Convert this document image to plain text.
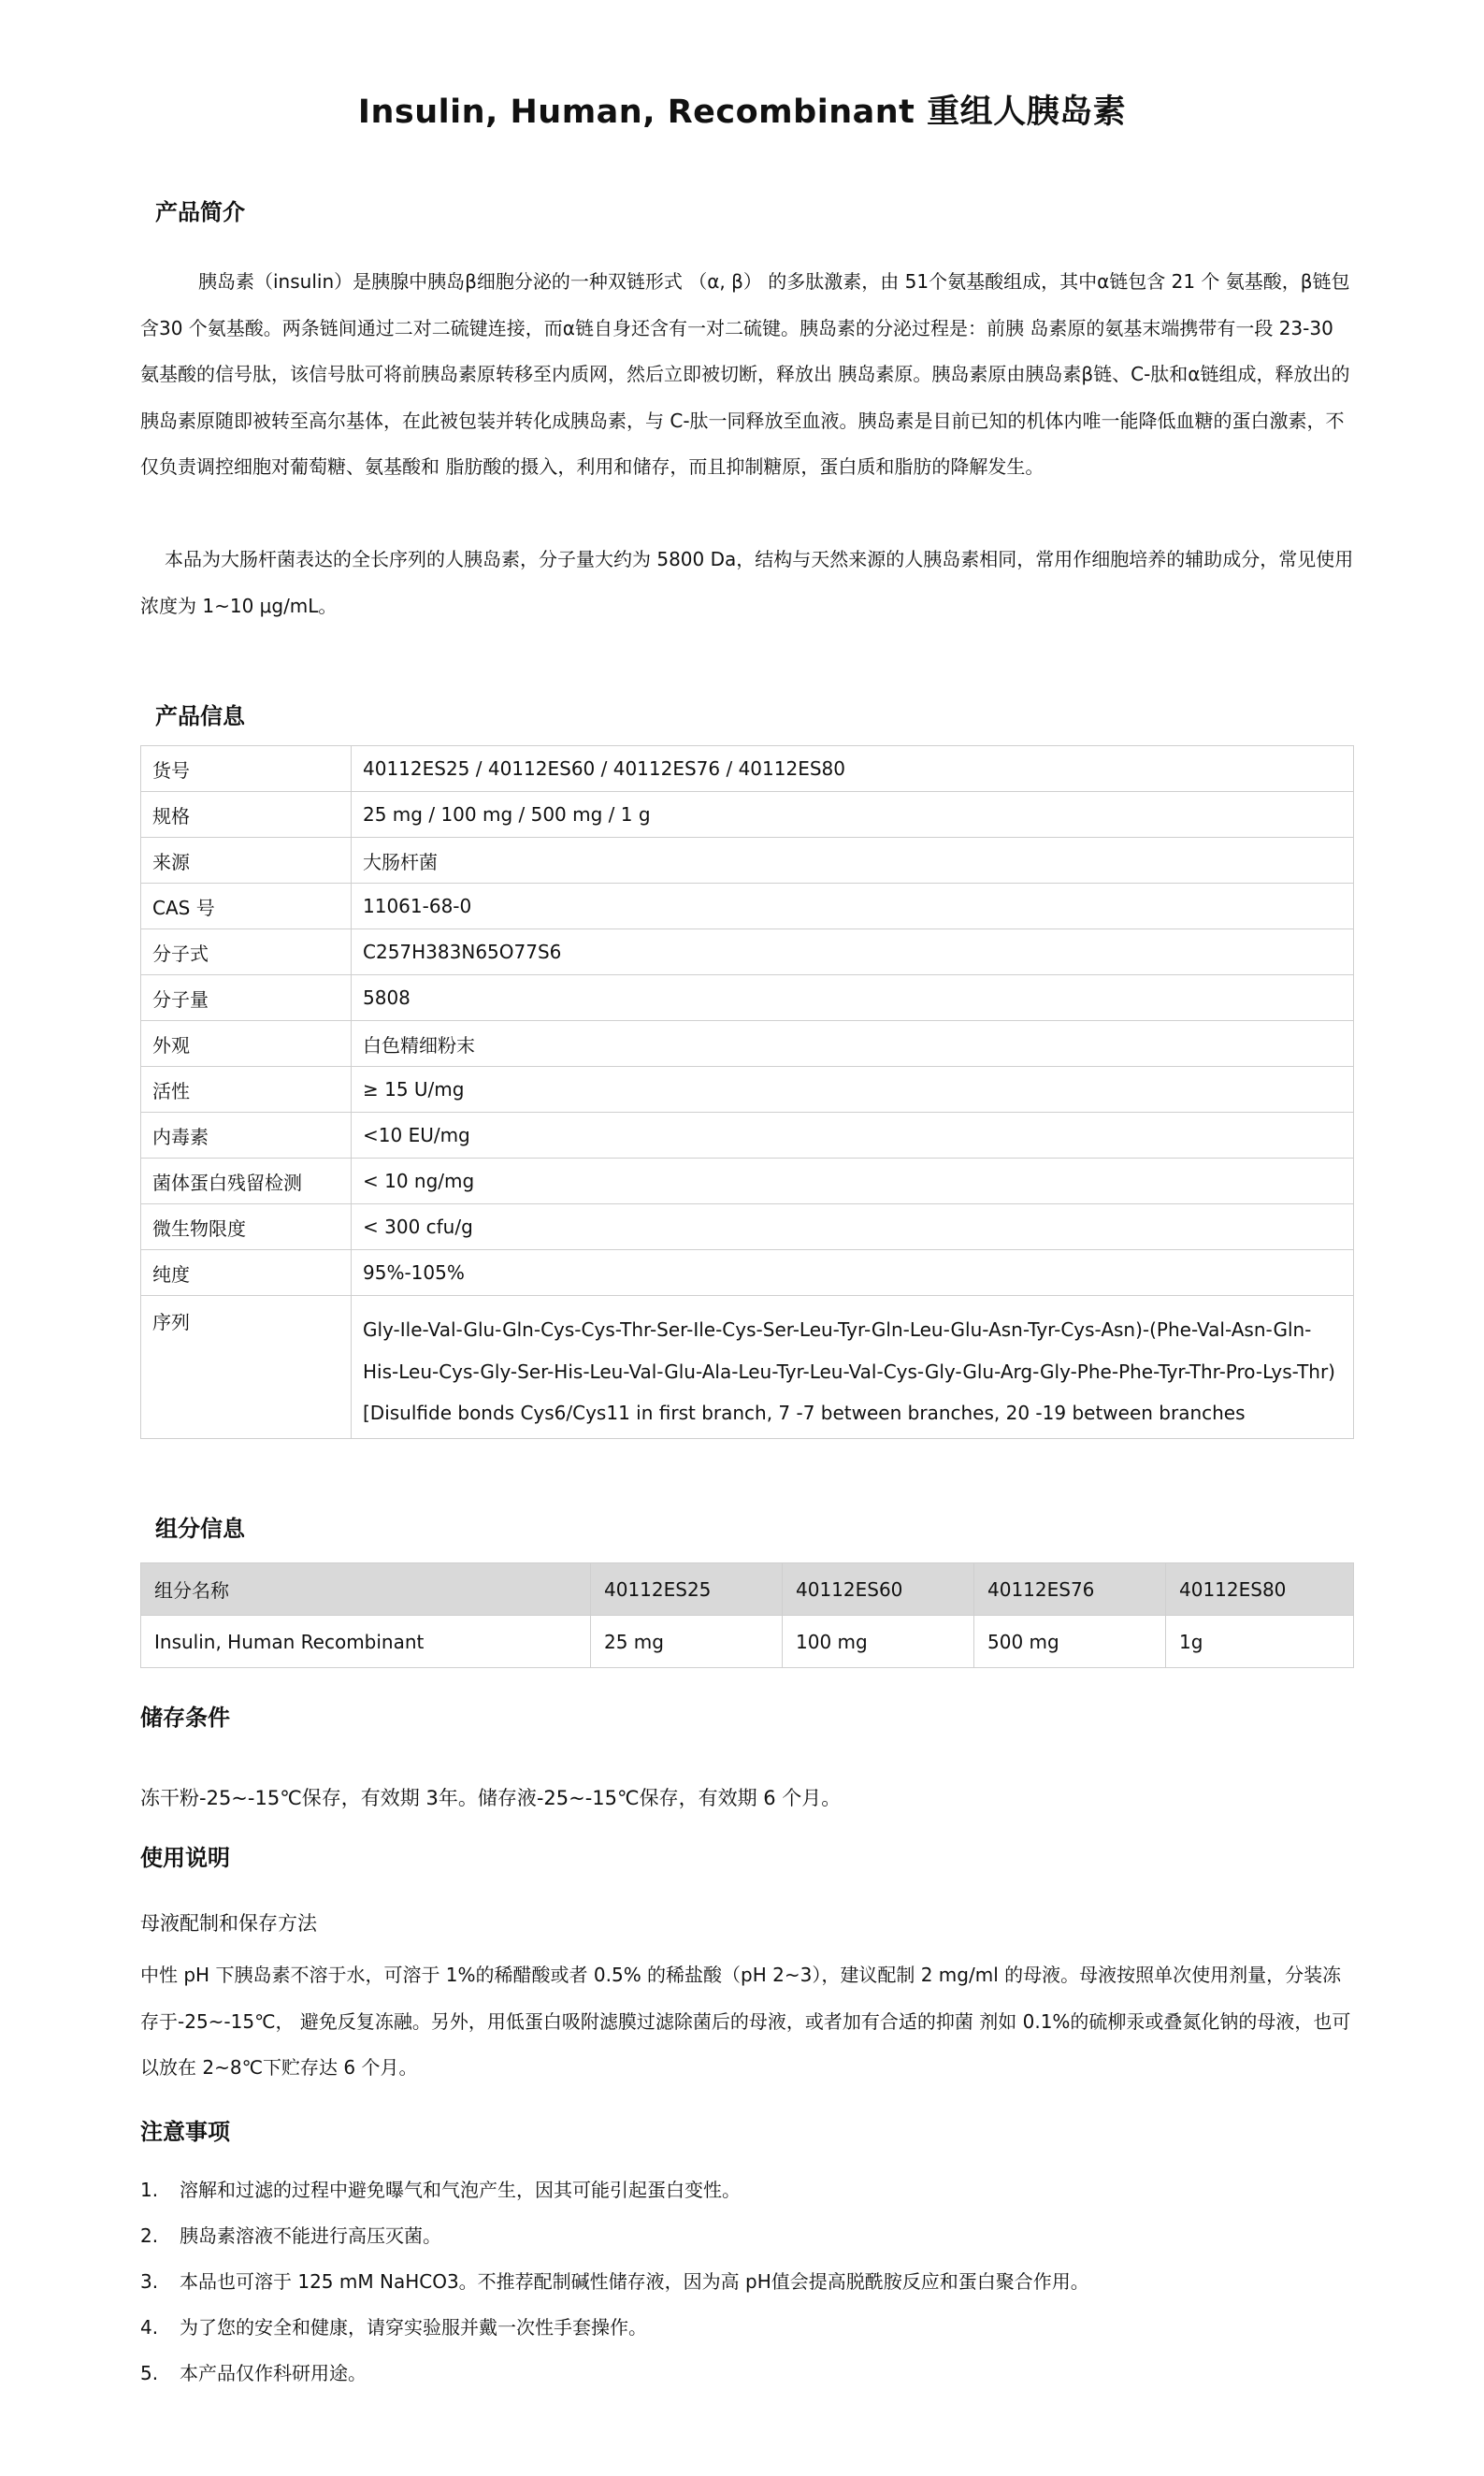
Insulin, Human, Recombinant 重组人胰岛素
产品简介
胰岛素（insulin）是胰腺中胰岛β细胞分泌的一种双链形式 （α, β） 的多肽激素，由 51个氨基酸组成，其中α链包含 21 个 氨基酸，β链包含30 个氨基酸。两条链间通过二对二硫键连接，而α链自身还含有一对二硫键。胰岛素的分泌过程是：前胰 岛素原的氨基末端携带有一段 23-30 氨基酸的信号肽，该信号肽可将前胰岛素原转移至内质网，然后立即被切断，释放出 胰岛素原。胰岛素原由胰岛素β链、C-肽和α链组成，释放出的胰岛素原随即被转至高尔基体，在此被包装并转化成胰岛素，与 C-肽一同释放至血液。胰岛素是目前已知的机体内唯一能降低血糖的蛋白激素，不仅负责调控细胞对葡萄糖、氨基酸和 脂肪酸的摄入，利用和储存，而且抑制糖原，蛋白质和脂肪的降解发生。
本品为大肠杆菌表达的全长序列的人胰岛素，分子量大约为 5800 Da，结构与天然来源的人胰岛素相同，常用作细胞培养的辅助成分，常见使用浓度为 1~10 μg/mL。
产品信息
货号	40112ES25 / 40112ES60 / 40112ES76 / 40112ES80
规格	25 mg / 100 mg / 500 mg / 1 g
来源	大肠杆菌
CAS 号	11061-68-0
分子式	C257H383N65O77S6
分子量	5808
外观	白色精细粉末
活性	≥ 15 U/mg
内毒素	<10 EU/mg
菌体蛋白残留检测	< 10 ng/mg
微生物限度	< 300 cfu/g
纯度	95%-105%
序列	Gly-Ile-Val-Glu-Gln-Cys-Cys-Thr-Ser-Ile-Cys-Ser-Leu-Tyr-Gln-Leu-Glu-Asn-Tyr-Cys-Asn)-(Phe-Val-Asn-Gln-His-Leu-Cys-Gly-Ser-His-Leu-Val-Glu-Ala-Leu-Tyr-Leu-Val-Cys-Gly-Glu-Arg-Gly-Phe-Phe-Tyr-Thr-Pro-Lys-Thr) [Disulfide bonds Cys6/Cys11 in first branch, 7 -7 between branches, 20 -19 between branches
组分信息
组分名称	40112ES25	40112ES60	40112ES76	40112ES80
Insulin, Human Recombinant	25 mg	100 mg	500 mg	1g
储存条件
冻干粉-25~-15℃保存，有效期 3年。储存液-25~-15℃保存，有效期 6 个月。
使用说明
母液配制和保存方法
中性 pH 下胰岛素不溶于水，可溶于 1%的稀醋酸或者 0.5% 的稀盐酸（pH 2~3），建议配制 2 mg/ml 的母液。母液按照单次使用剂量，分装冻存于-25~-15℃， 避免反复冻融。另外，用低蛋白吸附滤膜过滤除菌后的母液，或者加有合适的抑菌 剂如 0.1%的硫柳汞或叠氮化钠的母液，也可以放在 2~8℃下贮存达 6 个月。
注意事项
1. 溶解和过滤的过程中避免曝气和气泡产生，因其可能引起蛋白变性。
2. 胰岛素溶液不能进行高压灭菌。
3. 本品也可溶于 125 mM NaHCO3。不推荐配制碱性储存液，因为高 pH值会提高脱酰胺反应和蛋白聚合作用。
4. 为了您的安全和健康，请穿实验服并戴一次性手套操作。
5. 本产品仅作科研用途。
